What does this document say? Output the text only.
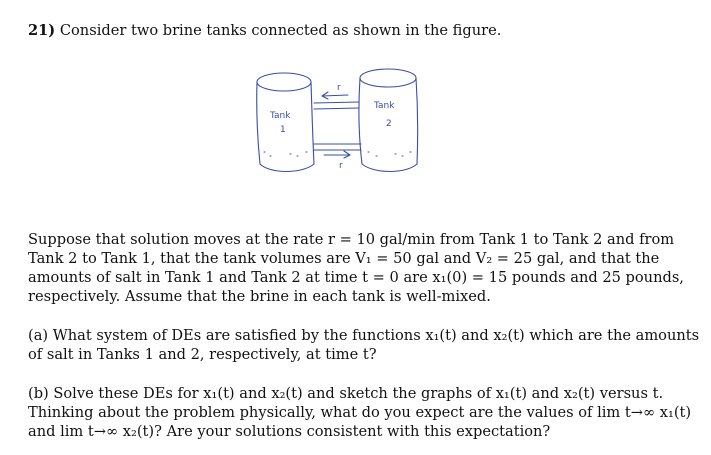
21) Consider two brine tanks connected as shown in the figure.
r
r
Tank
1
Tank
2
Suppose that solution moves at the rate r = 10 gal/min from Tank 1 to Tank 2 and from
Tank 2 to Tank 1, that the tank volumes are V₁ = 50 gal and V₂ = 25 gal, and that the
amounts of salt in Tank 1 and Tank 2 at time t = 0 are x₁(0) = 15 pounds and 25 pounds,
respectively. Assume that the brine in each tank is well-mixed.
(a) What system of DEs are satisfied by the functions x₁(t) and x₂(t) which are the amounts
of salt in Tanks 1 and 2, respectively, at time t?
(b) Solve these DEs for x₁(t) and x₂(t) and sketch the graphs of x₁(t) and x₂(t) versus t.
Thinking about the problem physically, what do you expect are the values of lim t→∞ x₁(t)
and lim t→∞ x₂(t)? Are your solutions consistent with this expectation?
